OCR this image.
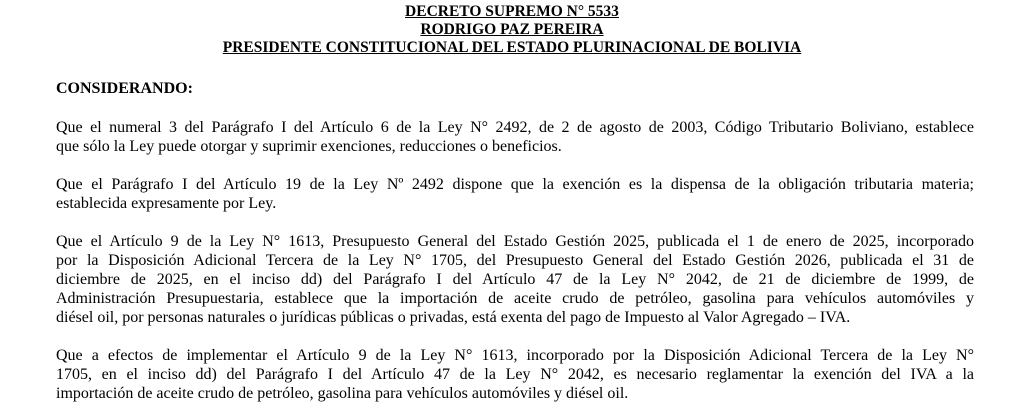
DECRETO SUPREMO N° 5533
RODRIGO PAZ PEREIRA
PRESIDENTE CONSTITUCIONAL DEL ESTADO PLURINACIONAL DE BOLIVIA
CONSIDERANDO:
Que el numeral 3 del Parágrafo I del Artículo 6 de la Ley N° 2492, de 2 de agosto de 2003, Código Tributario Boliviano, establece
que sólo la Ley puede otorgar y suprimir exenciones, reducciones o beneficios.
Que el Parágrafo I del Artículo 19 de la Ley Nº 2492 dispone que la exención es la dispensa de la obligación tributaria materia;
establecida expresamente por Ley.
Que el Artículo 9 de la Ley N° 1613, Presupuesto General del Estado Gestión 2025, publicada el 1 de enero de 2025, incorporado
por la Disposición Adicional Tercera de la Ley N° 1705, del Presupuesto General del Estado Gestión 2026, publicada el 31 de
diciembre de 2025, en el inciso dd) del Parágrafo I del Artículo 47 de la Ley N° 2042, de 21 de diciembre de 1999, de
Administración Presupuestaria, establece que la importación de aceite crudo de petróleo, gasolina para vehículos automóviles y
diésel oil, por personas naturales o jurídicas públicas o privadas, está exenta del pago de Impuesto al Valor Agregado – IVA.
Que a efectos de implementar el Artículo 9 de la Ley N° 1613, incorporado por la Disposición Adicional Tercera de la Ley N°
1705, en el inciso dd) del Parágrafo I del Artículo 47 de la Ley N° 2042, es necesario reglamentar la exención del IVA a la
importación de aceite crudo de petróleo, gasolina para vehículos automóviles y diésel oil.
